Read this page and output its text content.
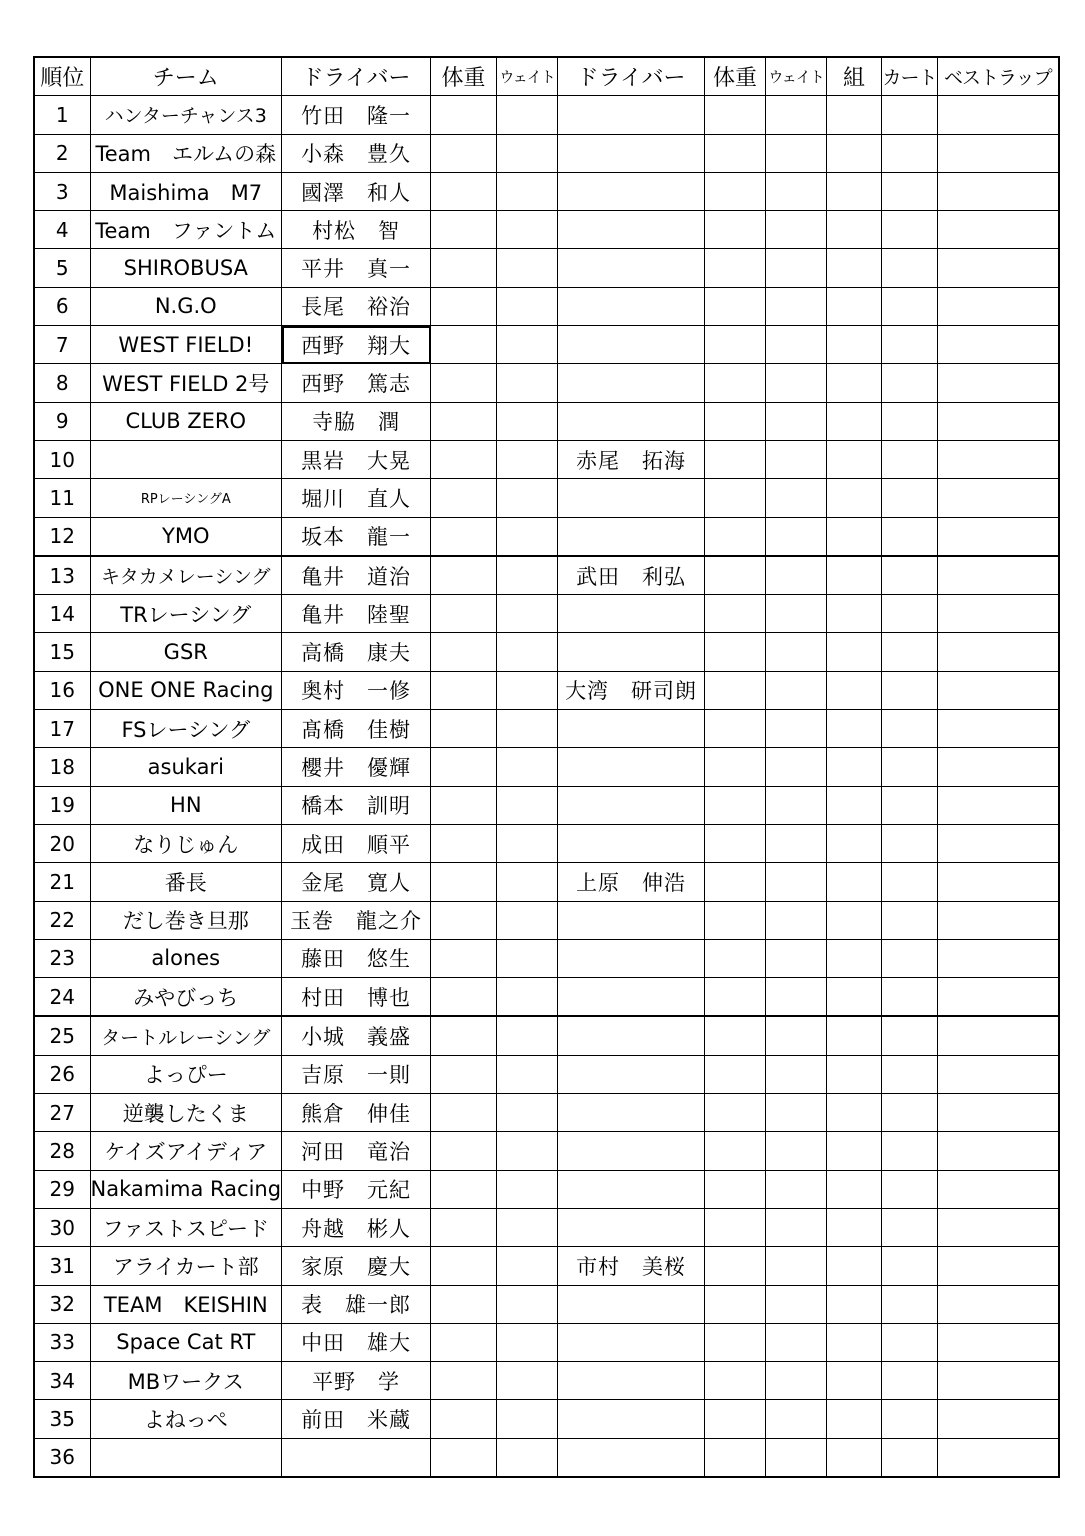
順位	チーム	ドライバー	体重	ウェイト	ドライバー	体重	ウェイト	組	カート	ベストラップ
1	ハンターチャンス3	竹田　隆一								
2	Team　エルムの森	小森　豊久								
3	Maishima　M7	國澤　和人								
4	Team　ファントム	村松　智								
5	SHIROBUSA	平井　真一								
6	N.G.O	長尾　裕治								
7	WEST FIELD!	西野　翔大								
8	WEST FIELD 2号	西野　篤志								
9	CLUB ZERO	寺脇　潤								
10		黒岩　大晃			赤尾　拓海					
11	RPレーシングA	堀川　直人								
12	YMO	坂本　龍一								
13	キタカメレーシング	亀井　道治			武田　利弘					
14	TRレーシング	亀井　陸聖								
15	GSR	高橋　康夫								
16	ONE ONE Racing	奥村　一修			大湾　研司朗					
17	FSレーシング	髙橋　佳樹								
18	asukari	櫻井　優輝								
19	HN	橋本　訓明								
20	なりじゅん	成田　順平								
21	番長	金尾　寛人			上原　伸浩					
22	だし巻き旦那	玉巻　龍之介								
23	alones	藤田　悠生								
24	みやびっち	村田　博也								
25	タートルレーシング	小城　義盛								
26	よっぴー	吉原　一則								
27	逆襲したくま	熊倉　伸佳								
28	ケイズアイディア	河田　竜治								
29	Nakamima Racing	中野　元紀								
30	ファストスピード	舟越　彬人								
31	アライカート部	家原　慶大			市村　美桜					
32	TEAM　KEISHIN	表　雄一郎								
33	Space Cat RT	中田　雄大								
34	MBワークス	平野　学								
35	よねっぺ	前田　米蔵								
36										
